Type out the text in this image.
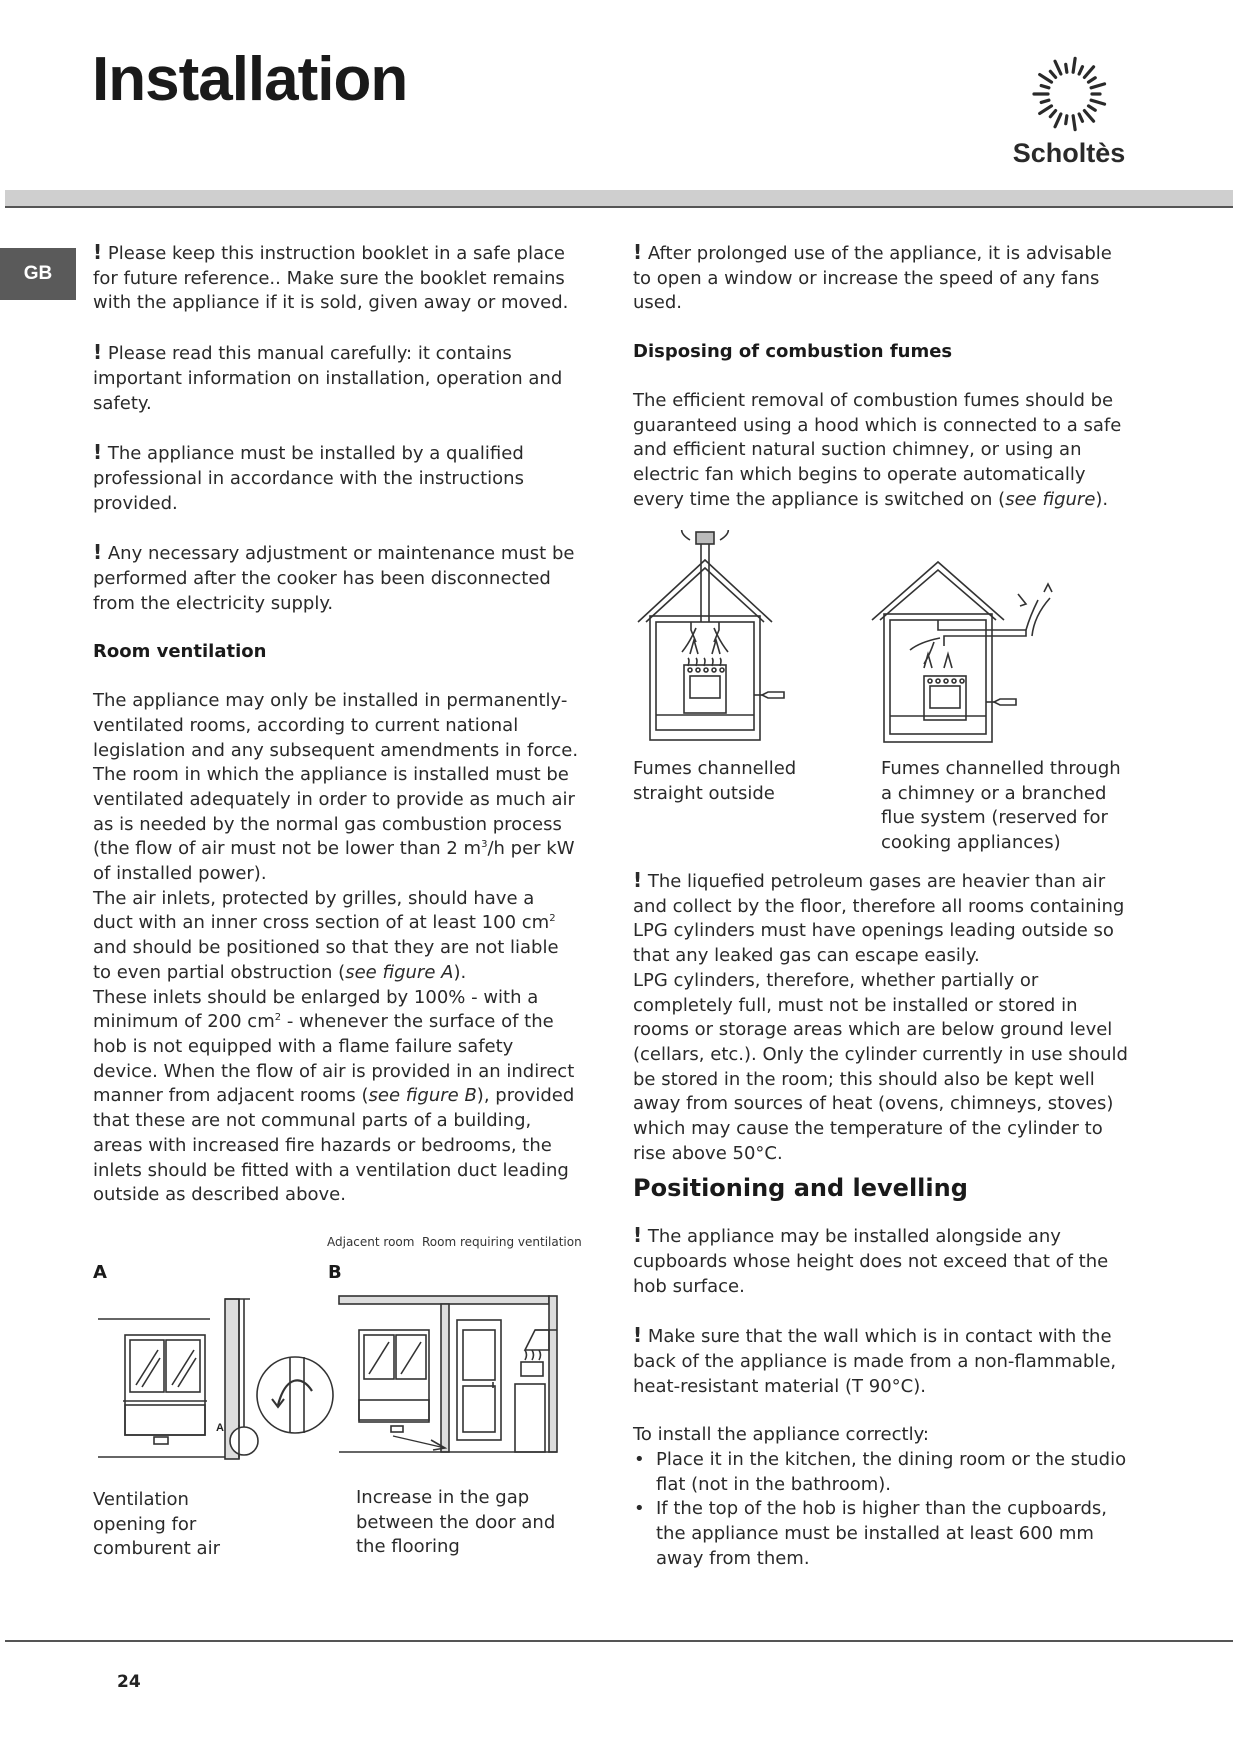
Installation
Scholtès
GB

! Please keep this instruction booklet in a safe place for future reference.. Make sure the booklet remains with the appliance if it is sold, given away or moved.

! Please read this manual carefully: it contains important information on installation, operation and safety.

! The appliance must be installed by a qualified professional in accordance with the instructions provided.

! Any necessary adjustment or maintenance must be performed after the cooker has been disconnected from the electricity supply.

Room ventilation

The appliance may only be installed in permanently-ventilated rooms, according to current national legislation and any subsequent amendments in force.

The room in which the appliance is installed must be ventilated adequately in order to provide as much air as is needed by the normal gas combustion process (the flow of air must not be lower than 2 $m^3/h$ per kW of installed power).

The air inlets, protected by grilles, should have a duct with an inner cross section of at least 100 $cm^2$ and should be positioned so that they are not liable to even partial obstruction (see figure A).

These inlets should be enlarged by 100% - with a minimum of 200 $cm^2$ - whenever the surface of the hob is not equipped with a flame failure safety device. When the flow of air is provided in an indirect manner from adjacent rooms (see figure B), provided that these are not communal parts of a building, areas with increased fire hazards or bedrooms, the inlets should be fitted with a ventilation duct leading outside as described above.

Adjacent room Room requiring ventilation
A	B
A
Ventilation opening for comburent air
Increase in the gap between the door and the flooring

! After prolonged use of the appliance, it is advisable to open a window or increase the speed of any fans used.

Disposing of combustion fumes

The efficient removal of combustion fumes should be guaranteed using a hood which is connected to a safe and efficient natural suction chimney, or using an electric fan which begins to operate automatically every time the appliance is switched on (see figure).

Fumes channelled straight outside
Fumes channelled through a chimney or a branched flue system (reserved for cooking appliances)

! The liquefied petroleum gases are heavier than air and collect by the floor, therefore all rooms containing LPG cylinders must have openings leading outside so that any leaked gas can escape easily.

LPG cylinders, therefore, whether partially or completely full, must not be installed or stored in rooms or storage areas which are below ground level (cellars, etc.). Only the cylinder currently in use should be stored in the room; this should also be kept well away from sources of heat (ovens, chimneys, stoves) which may cause the temperature of the cylinder to rise above 50°C.

Positioning and levelling

! The appliance may be installed alongside any cupboards whose height does not exceed that of the hob surface.

! Make sure that the wall which is in contact with the back of the appliance is made from a non-flammable, heat-resistant material (T 90°C).

To install the appliance correctly:

• Place it in the kitchen, the dining room or the studio flat (not in the bathroom).
• If the top of the hob is higher than the cupboards, the appliance must be installed at least 600 mm away from them.
24
